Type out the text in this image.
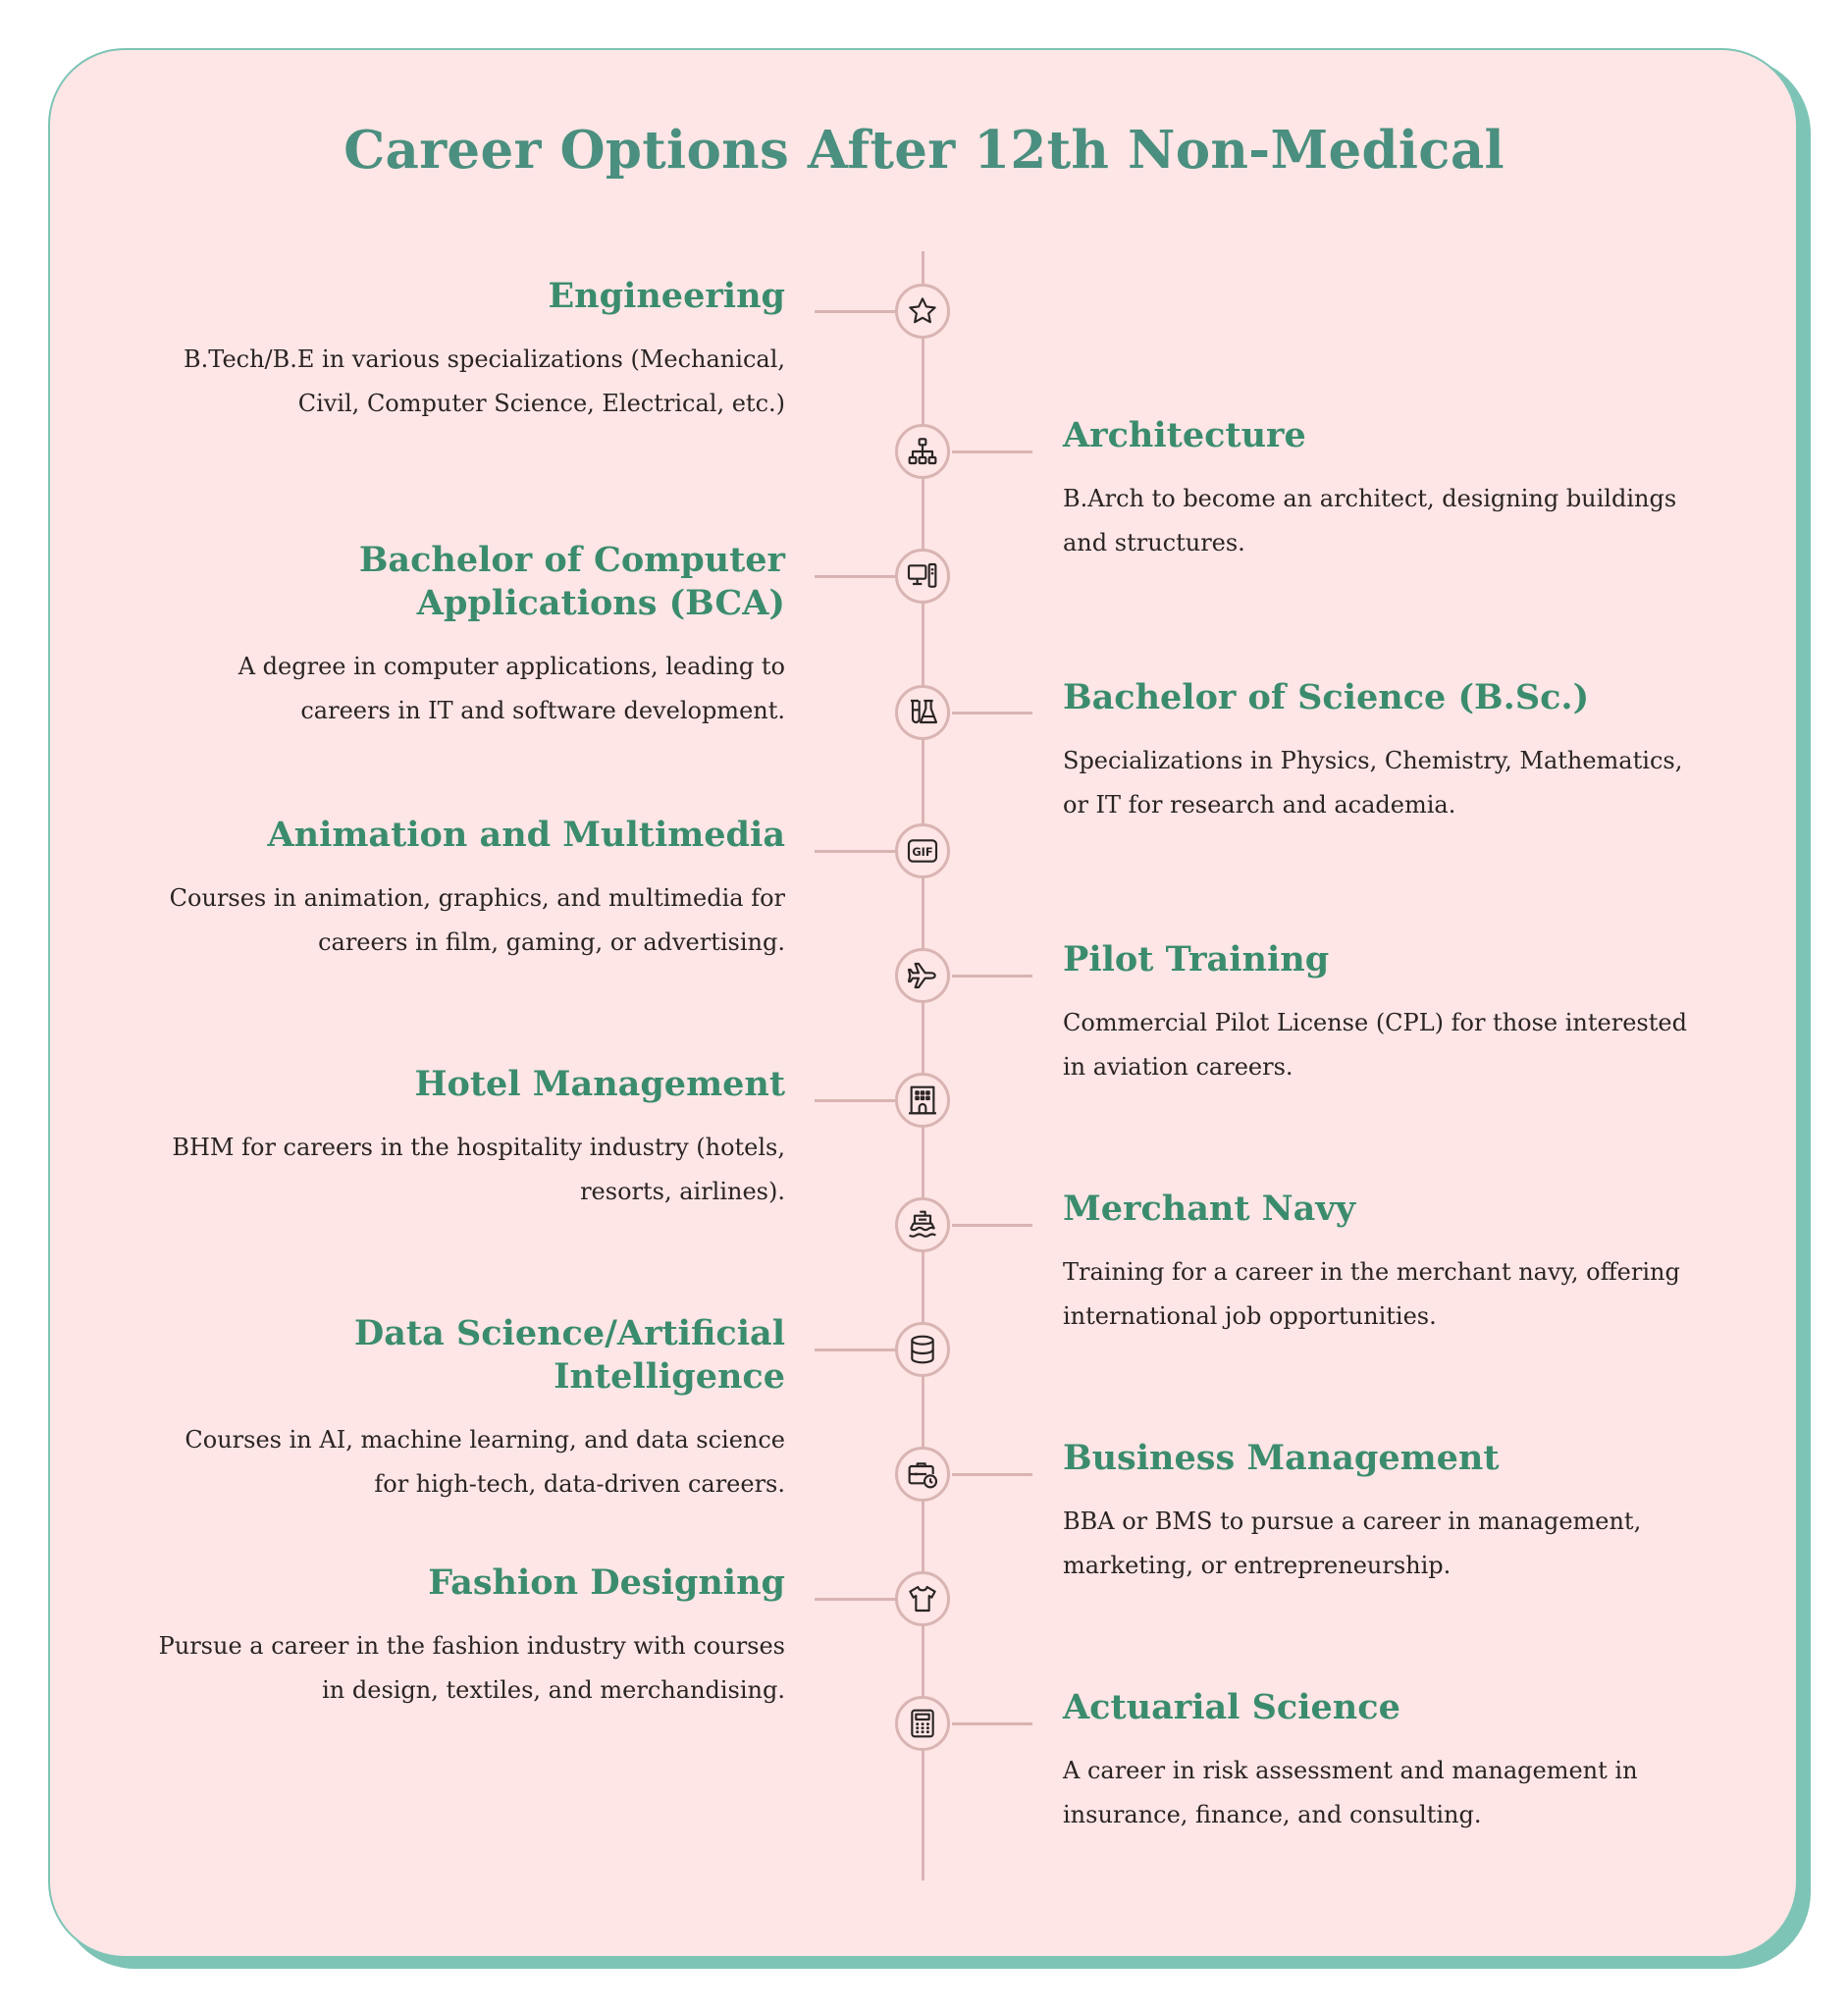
Career Options After 12th Non-Medical
Engineering

B.Tech/B.E in various specializations (Mechanical, Civil, Computer Science, Electrical, etc.)

Architecture

B.Arch to become an architect, designing buildings and structures.

Bachelor of Computer Applications (BCA)

A degree in computer applications, leading to careers in IT and software development.	Bachelor of Science (B.Sc.)

Specializations in Physics, Chemistry, Mathematics, or IT for research and academia.

GIF
Animation and Multimedia

Courses in animation, graphics, and multimedia for careers in film, gaming, or advertising.	Pilot Training

Commercial Pilot License (CPL) for those interested in aviation careers.

Hotel Management

BHM for careers in the hospitality industry (hotels, resorts, airlines).	Merchant Navy

Training for a career in the merchant navy, offering international job opportunities.

Data Science/Artificial Intelligence

Courses in AI, machine learning, and data science for high-tech, data-driven careers.

Business Management

BBA or BMS to pursue a career in management, marketing, or entrepreneurship.

Fashion Designing

Pursue a career in the fashion industry with courses in design, textiles, and merchandising.	Actuarial Science

A career in risk assessment and management in insurance, finance, and consulting.
